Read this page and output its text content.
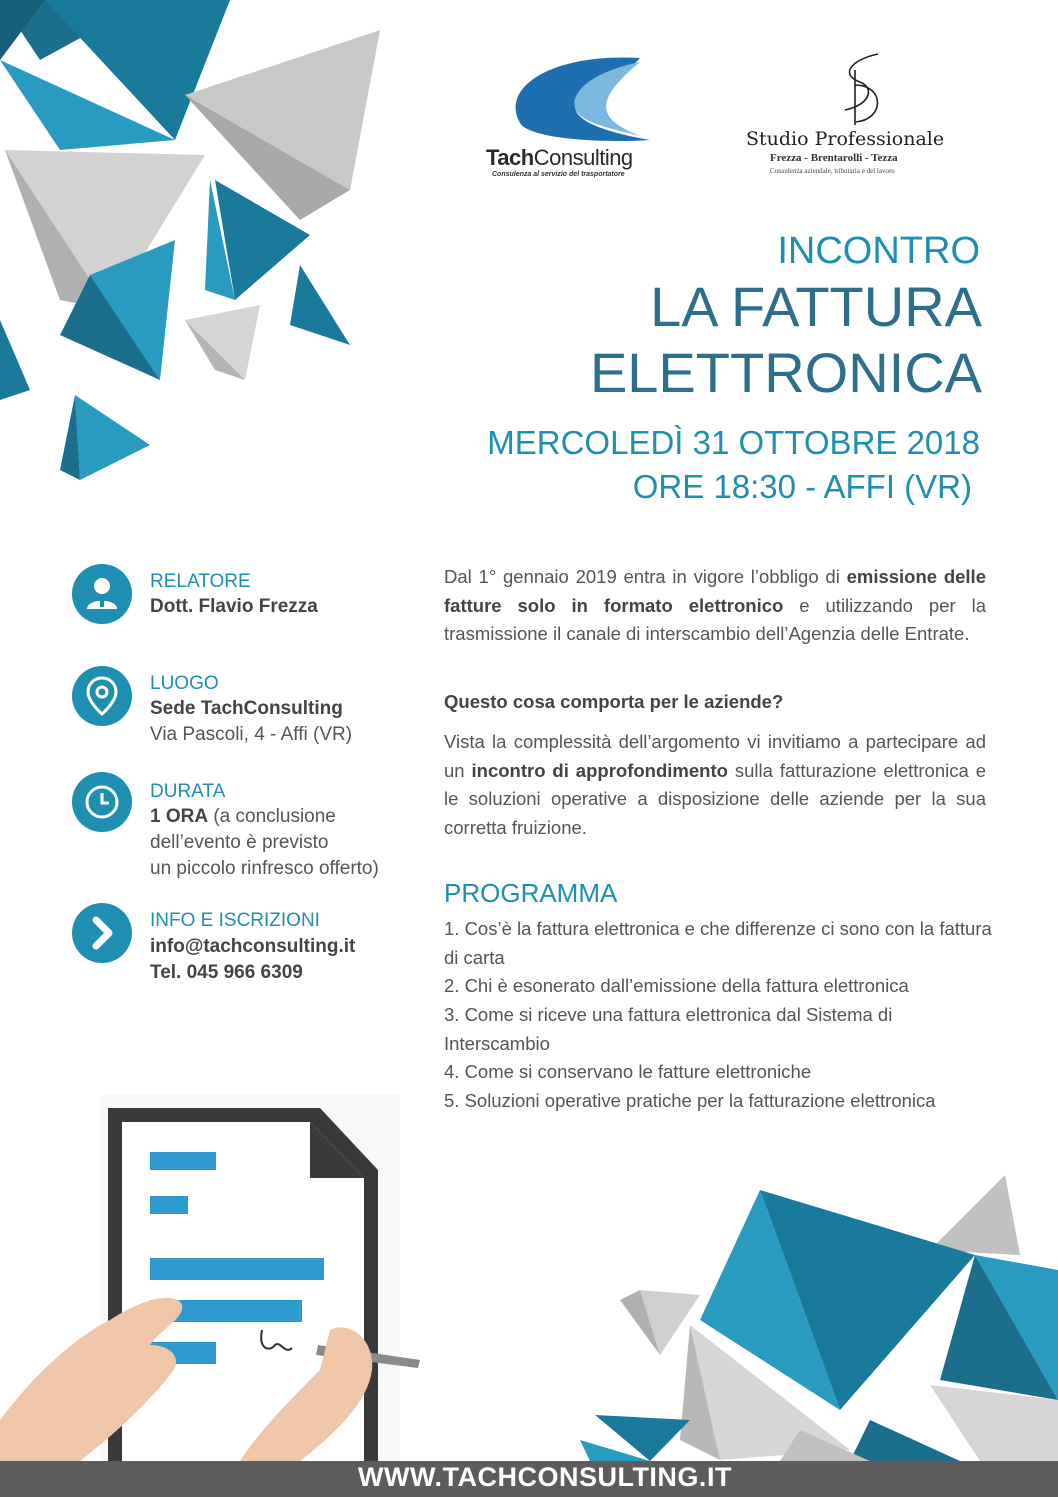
TachConsulting
Consulenza al servizio del trasportatore
Studio Professionale
Frezza - Brentarolli - Tezza
Consulenza aziendale, tributaria e del lavoro
INCONTRO
LA FATTURA
ELETTRONICA
MERCOLEDÌ 31 OTTOBRE 2018
ORE 18:30 - AFFI (VR)
RELATORE
Dott. Flavio Frezza
LUOGO
Sede TachConsulting
Via Pascoli, 4 - Affi (VR)
DURATA
1 ORA (a conclusione
dell’evento è previsto
un piccolo rinfresco offerto)
INFO E ISCRIZIONI
info@tachconsulting.it
Tel. 045 966 6309
Dal 1° gennaio 2019 entra in vigore l’obbligo di emissione delle fatture solo in formato elettronico e utilizzando per la trasmissione il canale di interscambio dell’Agenzia delle Entrate.
Questo cosa comporta per le aziende?
Vista la complessità dell’argomento vi invitiamo a partecipare ad un incontro di approfondimento sulla fatturazione elettronica e le soluzioni operative a disposizione delle aziende per la sua corretta fruizione.
PROGRAMMA
1. Cos’è la fattura elettronica e che differenze ci sono con la fattura di carta
2. Chi è esonerato dall’emissione della fattura elettronica
3. Come si riceve una fattura elettronica dal Sistema di Interscambio
4. Come si conservano le fatture elettroniche
5. Soluzioni operative pratiche per la fatturazione elettronica
WWW.TACHCONSULTING.IT
